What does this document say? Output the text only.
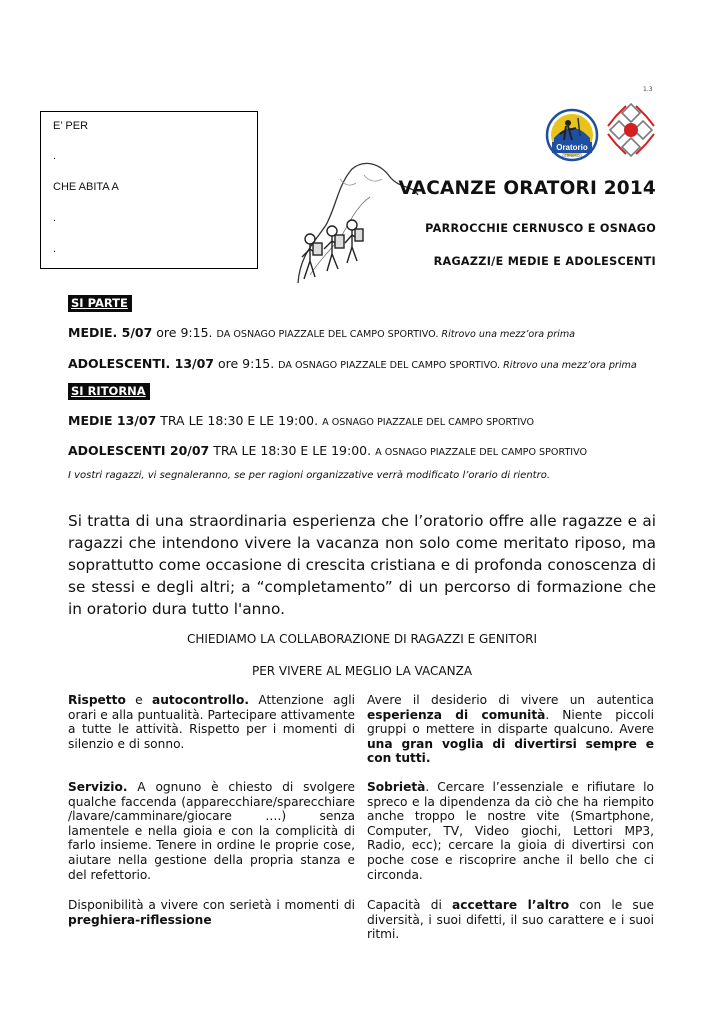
1.3
E’ PER
.
CHE ABITA A
.
.
Oratorio
CERNUSCO
VACANZE ORATORI 2014
PARROCCHIE CERNUSCO E OSNAGO
RAGAZZI/E MEDIE E ADOLESCENTI
SI PARTE
MEDIE. 5/07 ore 9:15. DA OSNAGO PIAZZALE DEL CAMPO SPORTIVO. Ritrovo una mezz’ora prima
ADOLESCENTI. 13/07 ore 9:15. DA OSNAGO PIAZZALE DEL CAMPO SPORTIVO. Ritrovo una mezz’ora prima
SI RITORNA
MEDIE 13/07 TRA LE 18:30 E LE 19:00. A OSNAGO PIAZZALE DEL CAMPO SPORTIVO
ADOLESCENTI 20/07 TRA LE 18:30 E LE 19:00. A OSNAGO PIAZZALE DEL CAMPO SPORTIVO
I vostri ragazzi, vi segnaleranno, se per ragioni organizzative verrà modificato l’orario di rientro.
Si tratta di una straordinaria esperienza che l’oratorio offre alle ragazze e ai ragazzi che intendono vivere la vacanza non solo come meritato riposo, ma soprattutto come occasione di crescita cristiana e di profonda conoscenza di se stessi e degli altri; a “completamento” di un percorso di formazione che in oratorio dura tutto l'anno.
CHIEDIAMO LA COLLABORAZIONE DI RAGAZZI E GENITORI
PER VIVERE AL MEGLIO LA VACANZA
Rispetto e autocontrollo. Attenzione agli orari e alla puntualità. Partecipare attivamente a tutte le attività. Rispetto per i momenti di silenzio e di sonno.
Avere il desiderio di vivere un autentica esperienza di comunità. Niente piccoli gruppi o mettere in disparte qualcuno. Avere una gran voglia di divertirsi sempre e con tutti.
Servizio. A ognuno è chiesto di svolgere qualche faccenda (apparecchiare/sparecchiare /lavare/camminare/giocare ….) senza lamentele e nella gioia e con la complicità di farlo insieme. Tenere in ordine le proprie cose, aiutare nella gestione della propria stanza e del refettorio.
Sobrietà. Cercare l’essenziale e rifiutare lo spreco e la dipendenza da ciò che ha riempito anche troppo le nostre vite (Smartphone, Computer, TV, Video giochi, Lettori MP3, Radio, ecc); cercare la gioia di divertirsi con poche cose e riscoprire anche il bello che ci circonda.
Disponibilità a vivere con serietà i momenti di preghiera-riflessione
Capacità di accettare l’altro con le sue diversità, i suoi difetti, il suo carattere e i suoi ritmi.
